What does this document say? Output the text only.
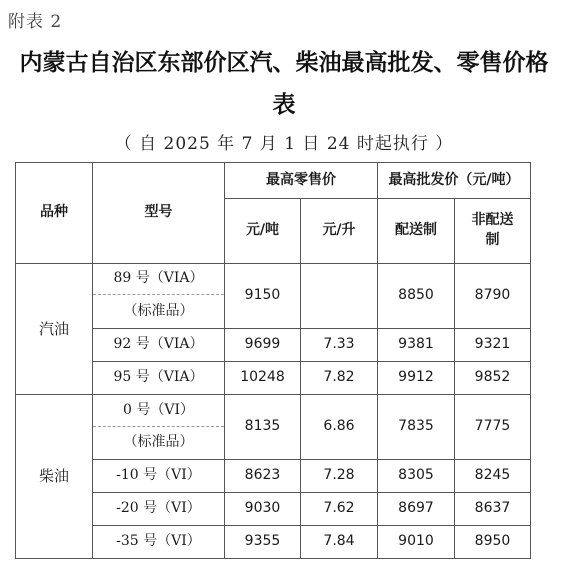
附表 2
内蒙古自治区东部价区汽、柴油最高批发、零售价格
表
（ 自 2025 年 7 月 1 日 24 时起执行 ）
品种	型号	最高零售价		最高批发价（元/吨）	
		元/吨	元/升	配送制	非配送
制
汽油	89 号（VIA）	9150		8850	8790
	（标准品）				
	92 号（VIA）	9699	7.33	9381	9321
	95 号（VIA）	10248	7.82	9912	9852
柴油	0 号（VI）	8135	6.86	7835	7775
	（标准品）				
	-10 号（VI）	8623	7.28	8305	8245
	-20 号（VI）	9030	7.62	8697	8637
	-35 号（VI）	9355	7.84	9010	8950
